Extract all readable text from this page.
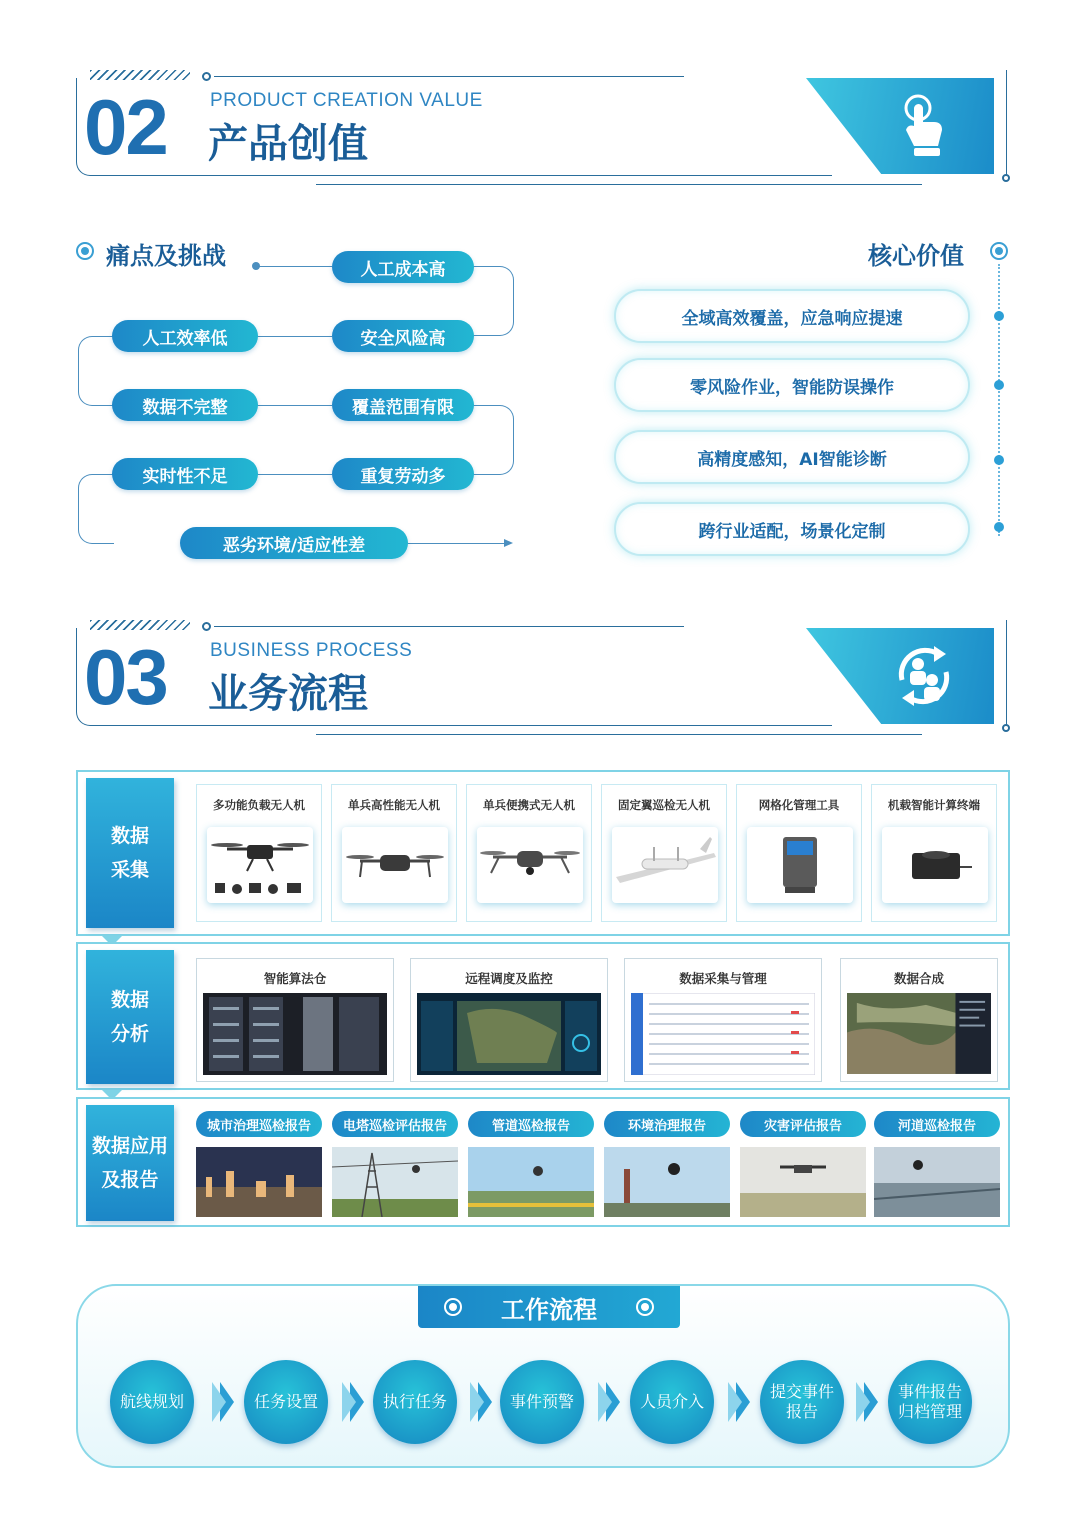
02 PRODUCT CREATION VALUE
产品创值
痛点及挑战	人工成本高
人工效率低	安全风险高
数据不完整	覆盖范围有限
实时性不足	重复劳动多
恶劣环境/适应性差
核心价值
全域高效覆盖，应急响应提速
零风险作业，智能防误操作
高精度感知，AI智能诊断
跨行业适配，场景化定制
03 BUSINESS PROCESS
业务流程
数据
采集
多功能负载无人机	单兵高性能无人机	单兵便携式无人机	固定翼巡检无人机	网格化管理工具	机载智能计算终端
数据
分析
智能算法仓	远程调度及监控	数据采集与管理	数据合成
数据应用
及报告
城市治理巡检报告	电塔巡检评估报告	管道巡检报告	环境治理报告	灾害评估报告	河道巡检报告
工作流程
航线规划	任务设置	执行任务	事件预警	人员介入
提交事件
报告
事件报告
归档管理
